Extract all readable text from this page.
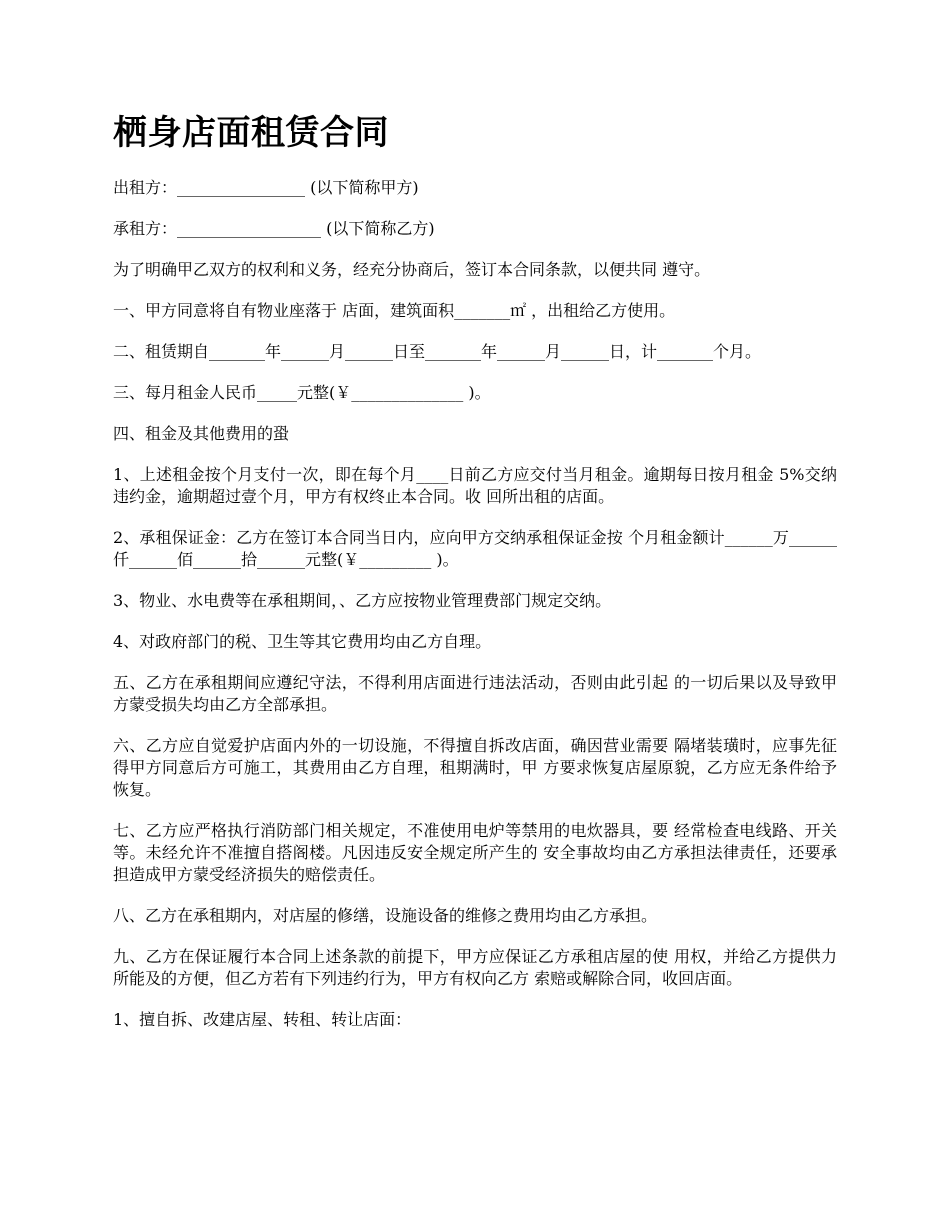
栖身店面租赁合同

出租方：________________ (以下简称甲方)

承租方：__________________ (以下简称乙方)

为了明确甲乙双方的权利和义务，经充分协商后，签订本合同条款，以便共同 遵守。

一、甲方同意将自有物业座落于 店面，建筑面积_______㎡ ，出租给乙方使用。

二、租赁期自_______年______月______日至_______年______月______日，计_______个月。

三、每月租金人民币_____元整(￥______________ )。

四、租金及其他费用的蛩

1、上述租金按个月支付一次，即在每个月____日前乙方应交付当月租金。逾期每日按月租金 5%交纳违约金，逾期超过壹个月，甲方有权终止本合同。收 回所出租的店面。

2、承租保证金：乙方在签订本合同当日内，应向甲方交纳承租保证金按 个月租金额计______万______仟______佰______拾______元整(￥_________ )。

3、物业、水电费等在承租期间，、乙方应按物业管理费部门规定交纳。

4、对政府部门的税、卫生等其它费用均由乙方自理。

五、乙方在承租期间应遵纪守法，不得利用店面进行违法活动，否则由此引起 的一切后果以及导致甲方蒙受损失均由乙方全部承担。

六、乙方应自觉爱护店面内外的一切设施，不得擅自拆改店面，确因营业需要 隔堵装璜时，应事先征得甲方同意后方可施工，其费用由乙方自理，租期满时，甲 方要求恢复店屋原貌，乙方应无条件给予恢复。

七、乙方应严格执行消防部门相关规定，不准使用电炉等禁用的电炊器具，要 经常检查电线路、开关等。未经允许不准擅自搭阁楼。凡因违反安全规定所产生的 安全事故均由乙方承担法律责任，还要承担造成甲方蒙受经济损失的赔偿责任。

八、乙方在承租期内，对店屋的修缮，设施设备的维修之费用均由乙方承担。

九、乙方在保证履行本合同上述条款的前提下，甲方应保证乙方承租店屋的使 用权，并给乙方提供力所能及的方便，但乙方若有下列违约行为，甲方有权向乙方 索赔或解除合同，收回店面。

1、擅自拆、改建店屋、转租、转让店面：
